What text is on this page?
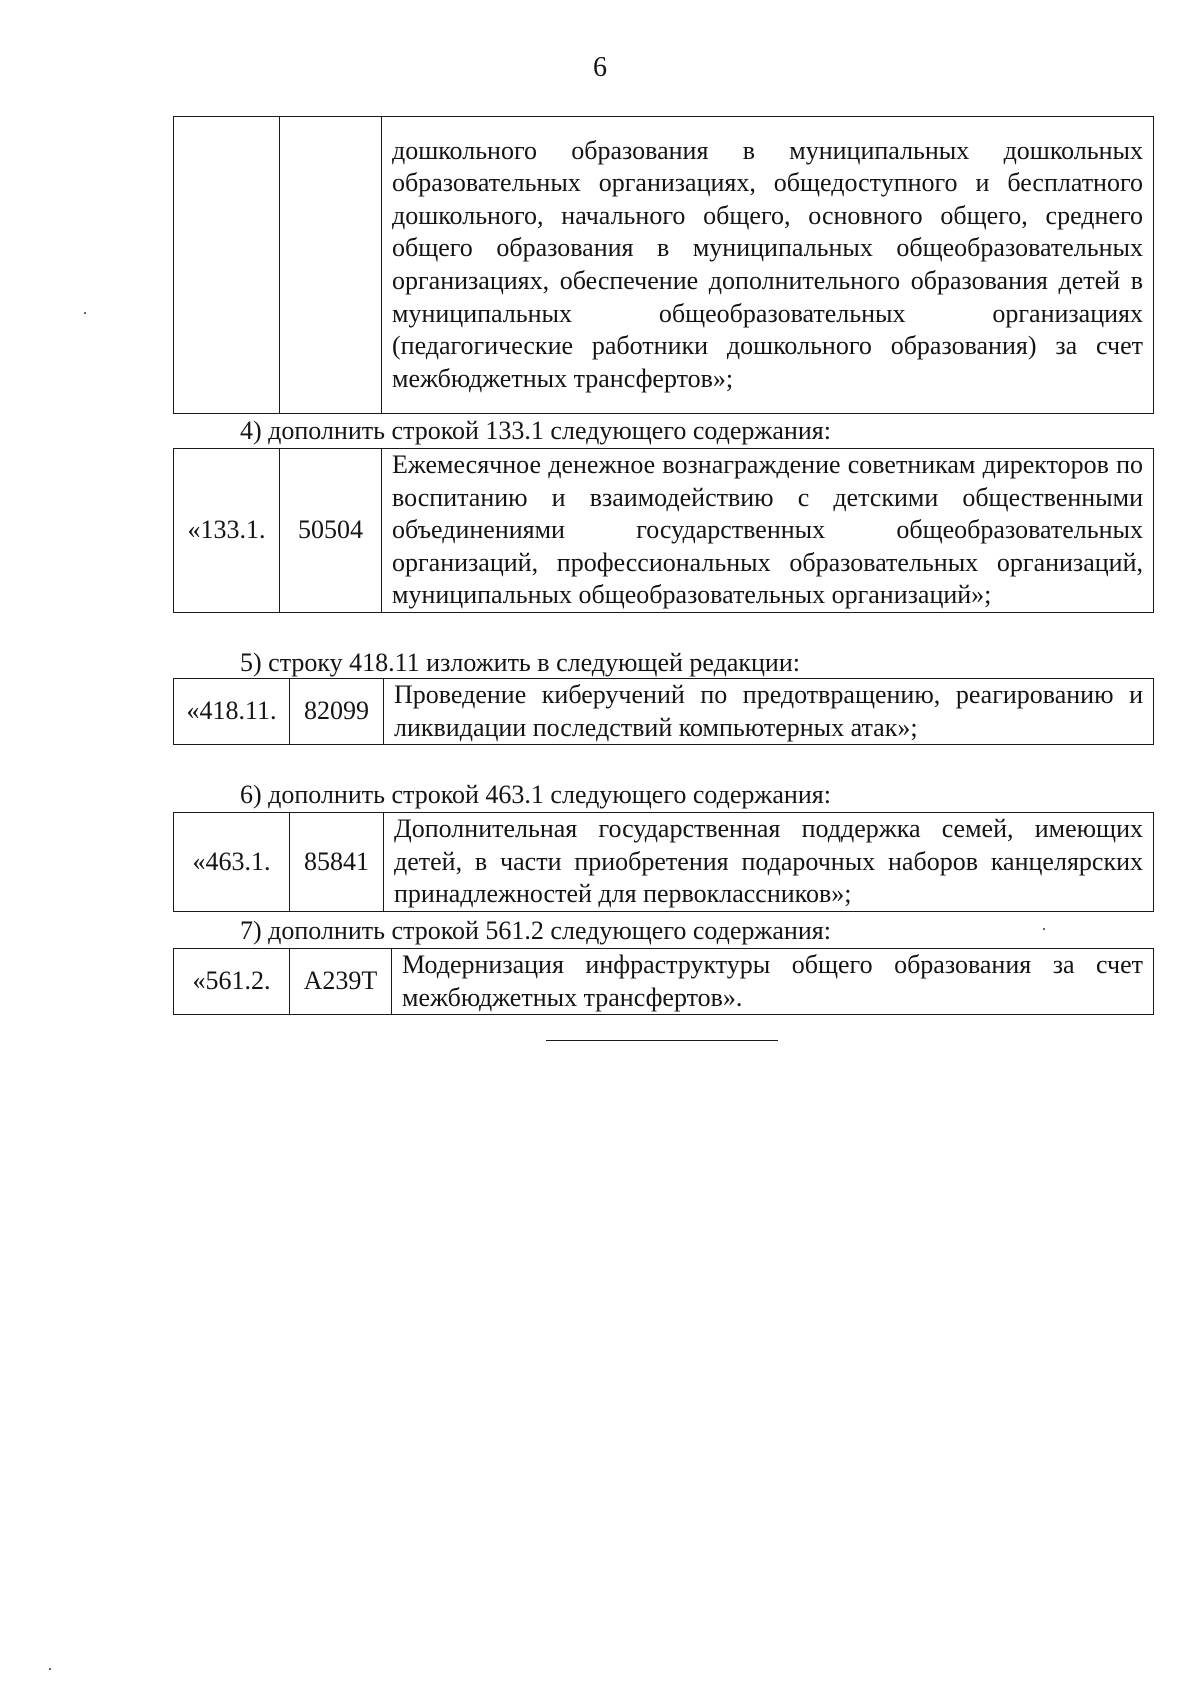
6
		дошкольного образования в муниципальных дошкольных образовательных организациях, общедоступного и бесплатного дошкольного, начального общего, основного общего, среднего общего образования в муниципальных общеобразовательных организациях, обеспечение дополнительного образования детей в муниципальных общеобразовательных организациях (педагогические работники дошкольного образования) за счет межбюджетных трансфертов»;
4) дополнить строкой 133.1 следующего содержания:
«133.1.	50504	Ежемесячное денежное вознаграждение советникам директоров по воспитанию и взаимодействию с детскими общественными объединениями государственных общеобразовательных организаций, профессиональных образовательных организаций, муниципальных общеобразовательных организаций»;
5) строку 418.11 изложить в следующей редакции:
«418.11.	82099	Проведение киберучений по предотвращению, реагированию и ликвидации последствий компьютерных атак»;
6) дополнить строкой 463.1 следующего содержания:
«463.1.	85841	Дополнительная государственная поддержка семей, имеющих детей, в части приобретения подарочных наборов канцелярских принадлежностей для первоклассников»;
7) дополнить строкой 561.2 следующего содержания:
«561.2.	A239T	Модернизация инфраструктуры общего образования за счет межбюджетных трансфертов».
